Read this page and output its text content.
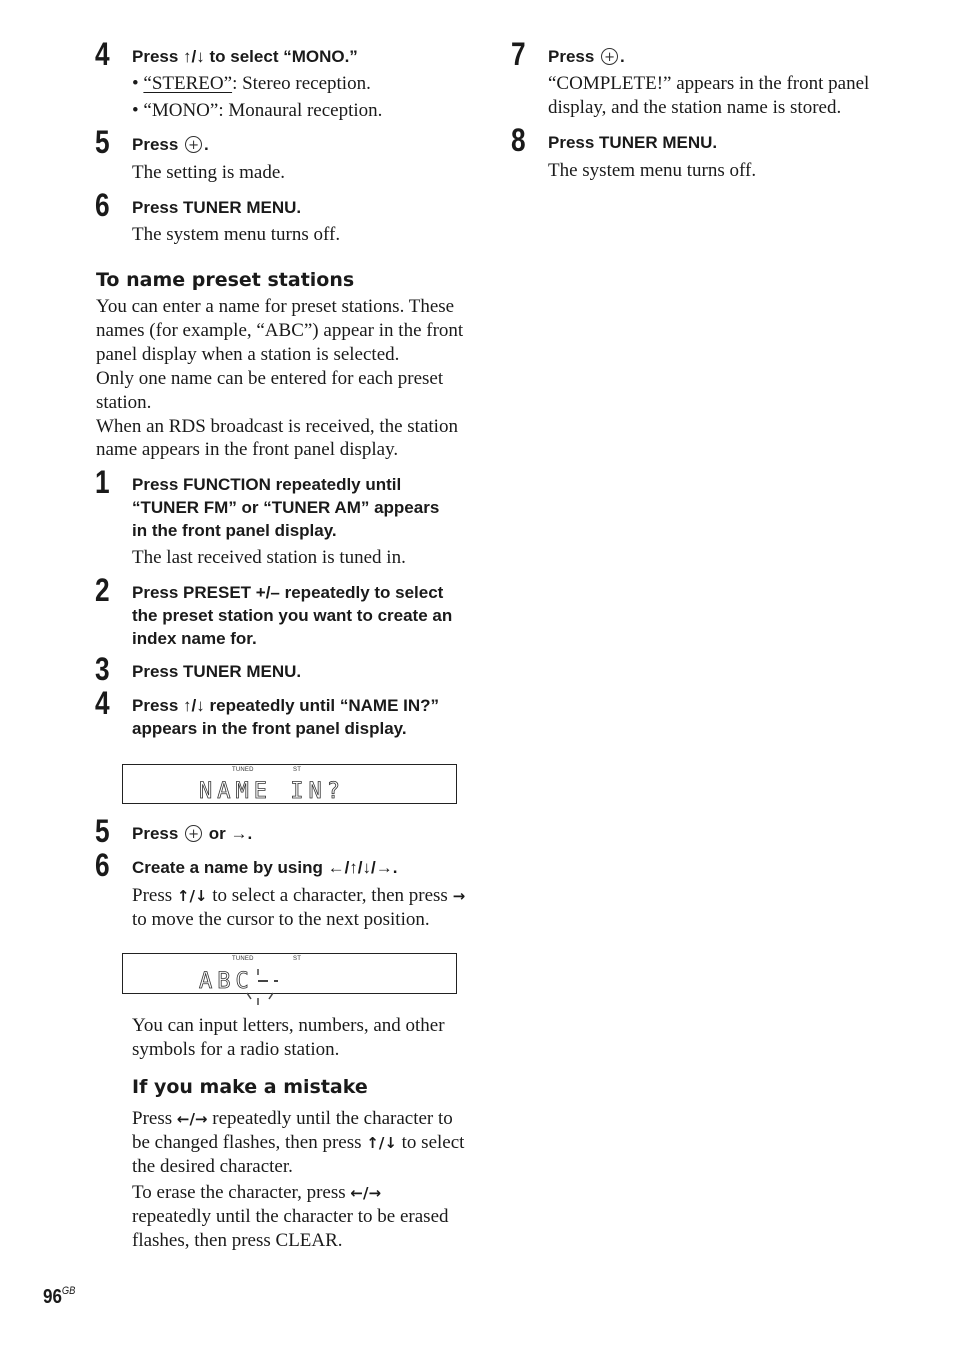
4 Press ↑/↓ to select “MONO.”
• “STEREO”: Stereo reception.
• “MONO”: Monaural reception.
5 Press +.
The setting is made.
6 Press TUNER MENU.
The system menu turns off.
To name preset stations
You can enter a name for preset stations. These
names (for example, “ABC”) appear in the front
panel display when a station is selected.
Only one name can be entered for each preset
station.
When an RDS broadcast is received, the station
name appears in the front panel display.
1 Press FUNCTION repeatedly until
“TUNER FM” or “TUNER AM” appears
in the front panel display.
The last received station is tuned in.
2 Press PRESET +/– repeatedly to select
the preset station you want to create an
index name for.
3 Press TUNER MENU.
4 Press ↑/↓ repeatedly until “NAME IN?”
appears in the front panel display.
TUNED	ST
NAME IN?
5 Press + or →.
6 Create a name by using ←/↑/↓/→.
Press ↑/↓ to select a character, then press →
to move the cursor to the next position.
TUNED	ST
ABC
You can input letters, numbers, and other
symbols for a radio station.
If you make a mistake
Press ←/→ repeatedly until the character to
be changed flashes, then press ↑/↓ to select
the desired character.
To erase the character, press ←/→
repeatedly until the character to be erased
flashes, then press CLEAR.
7 Press +.
“COMPLETE!” appears in the front panel
display, and the station name is stored.
8 Press TUNER MENU.
The system menu turns off.
$96^{GB}$
